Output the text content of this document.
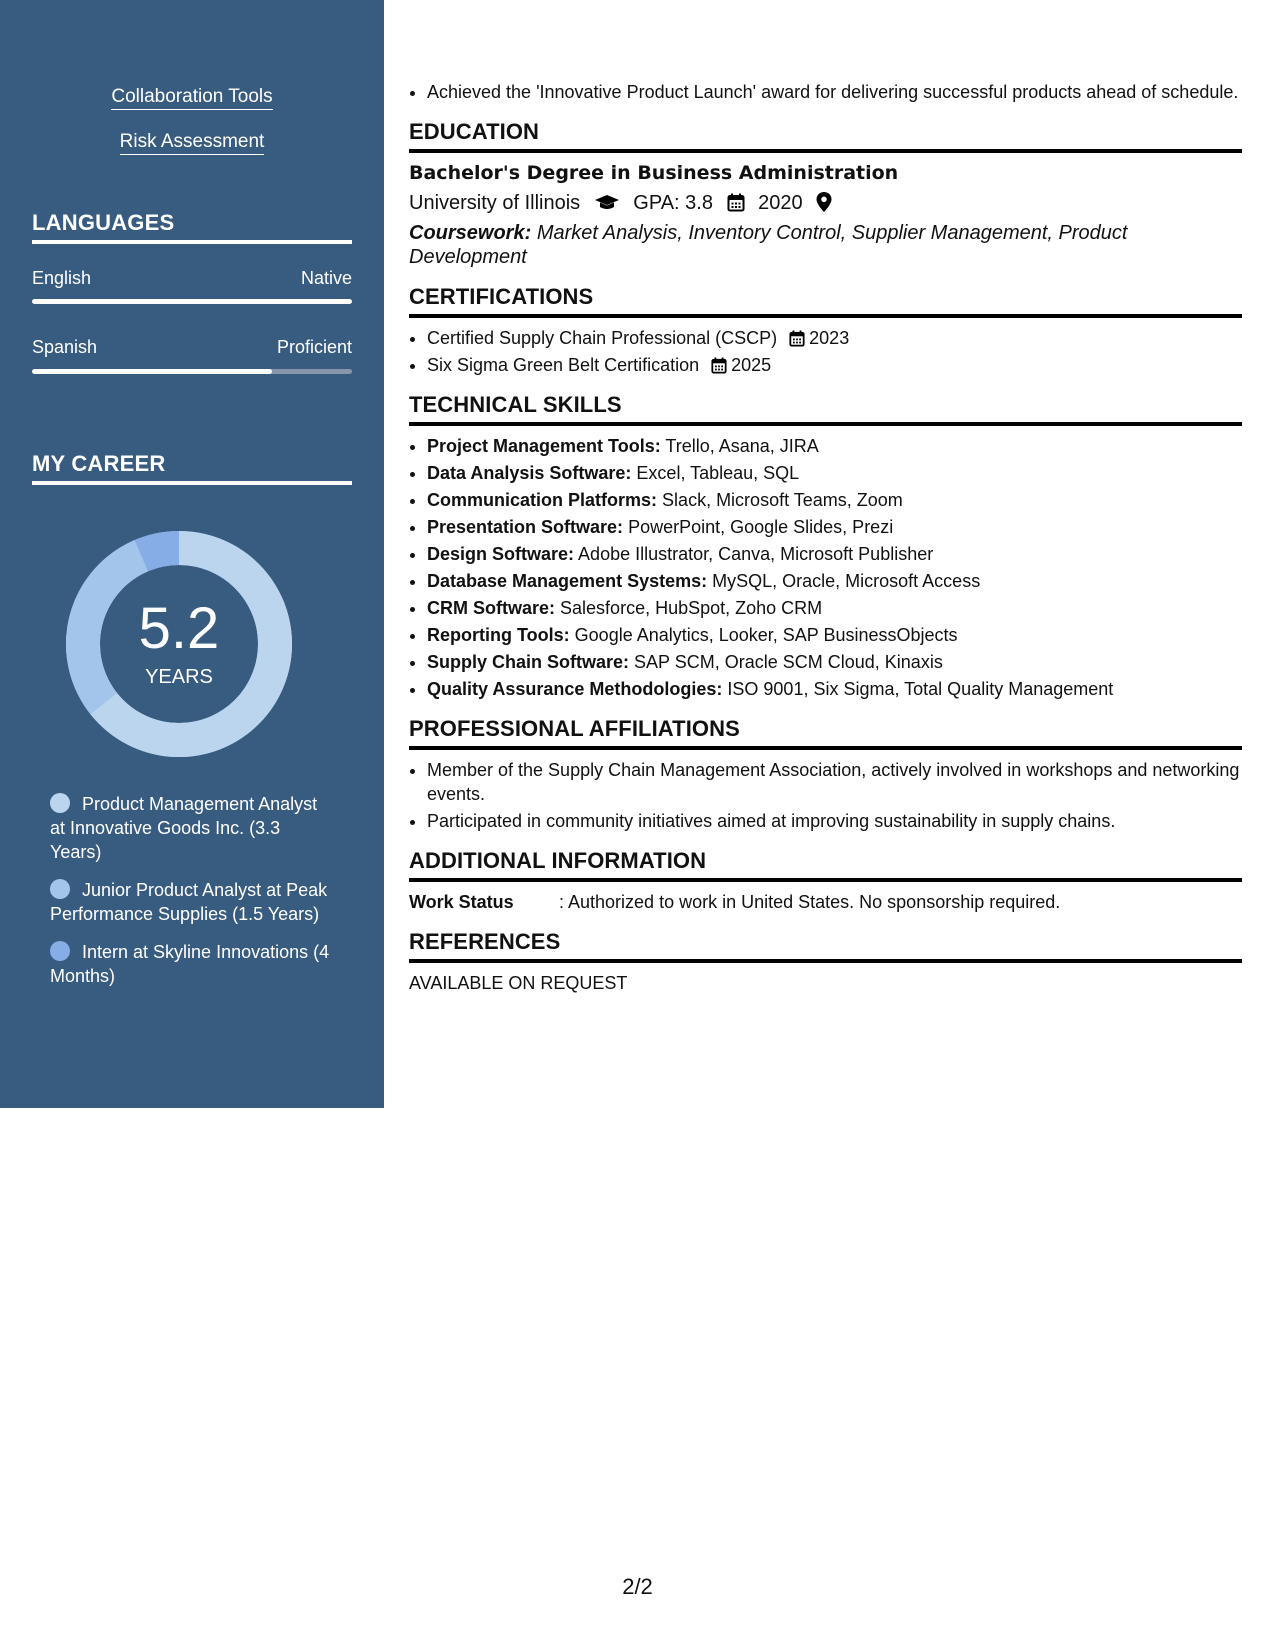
Collaboration Tools
Risk Assessment
LANGUAGES
English	Native
Spanish	Proficient
MY CAREER
5.2
YEARS
Product Management Analyst at Innovative Goods Inc. (3.3 Years)
Junior Product Analyst at Peak Performance Supplies (1.5 Years)
Intern at Skyline Innovations (4 Months)
• Achieved the 'Innovative Product Launch' award for delivering successful products ahead of schedule.
EDUCATION
Bachelor's Degree in Business Administration
University of Illinois	GPA: 3.8 2020
Coursework: Market Analysis, Inventory Control, Supplier Management, Product Development
CERTIFICATIONS
• Certified Supply Chain Professional (CSCP) 2023
• Six Sigma Green Belt Certification 2025
TECHNICAL SKILLS
• Project Management Tools: Trello, Asana, JIRA
• Data Analysis Software: Excel, Tableau, SQL
• Communication Platforms: Slack, Microsoft Teams, Zoom
• Presentation Software: PowerPoint, Google Slides, Prezi
• Design Software: Adobe Illustrator, Canva, Microsoft Publisher
• Database Management Systems: MySQL, Oracle, Microsoft Access
• CRM Software: Salesforce, HubSpot, Zoho CRM
• Reporting Tools: Google Analytics, Looker, SAP BusinessObjects
• Supply Chain Software: SAP SCM, Oracle SCM Cloud, Kinaxis
• Quality Assurance Methodologies: ISO 9001, Six Sigma, Total Quality Management
PROFESSIONAL AFFILIATIONS
• Member of the Supply Chain Management Association, actively involved in workshops and networking events.
• Participated in community initiatives aimed at improving sustainability in supply chains.
ADDITIONAL INFORMATION
Work Status	: Authorized to work in United States. No sponsorship required.
REFERENCES
AVAILABLE ON REQUEST
2/2
